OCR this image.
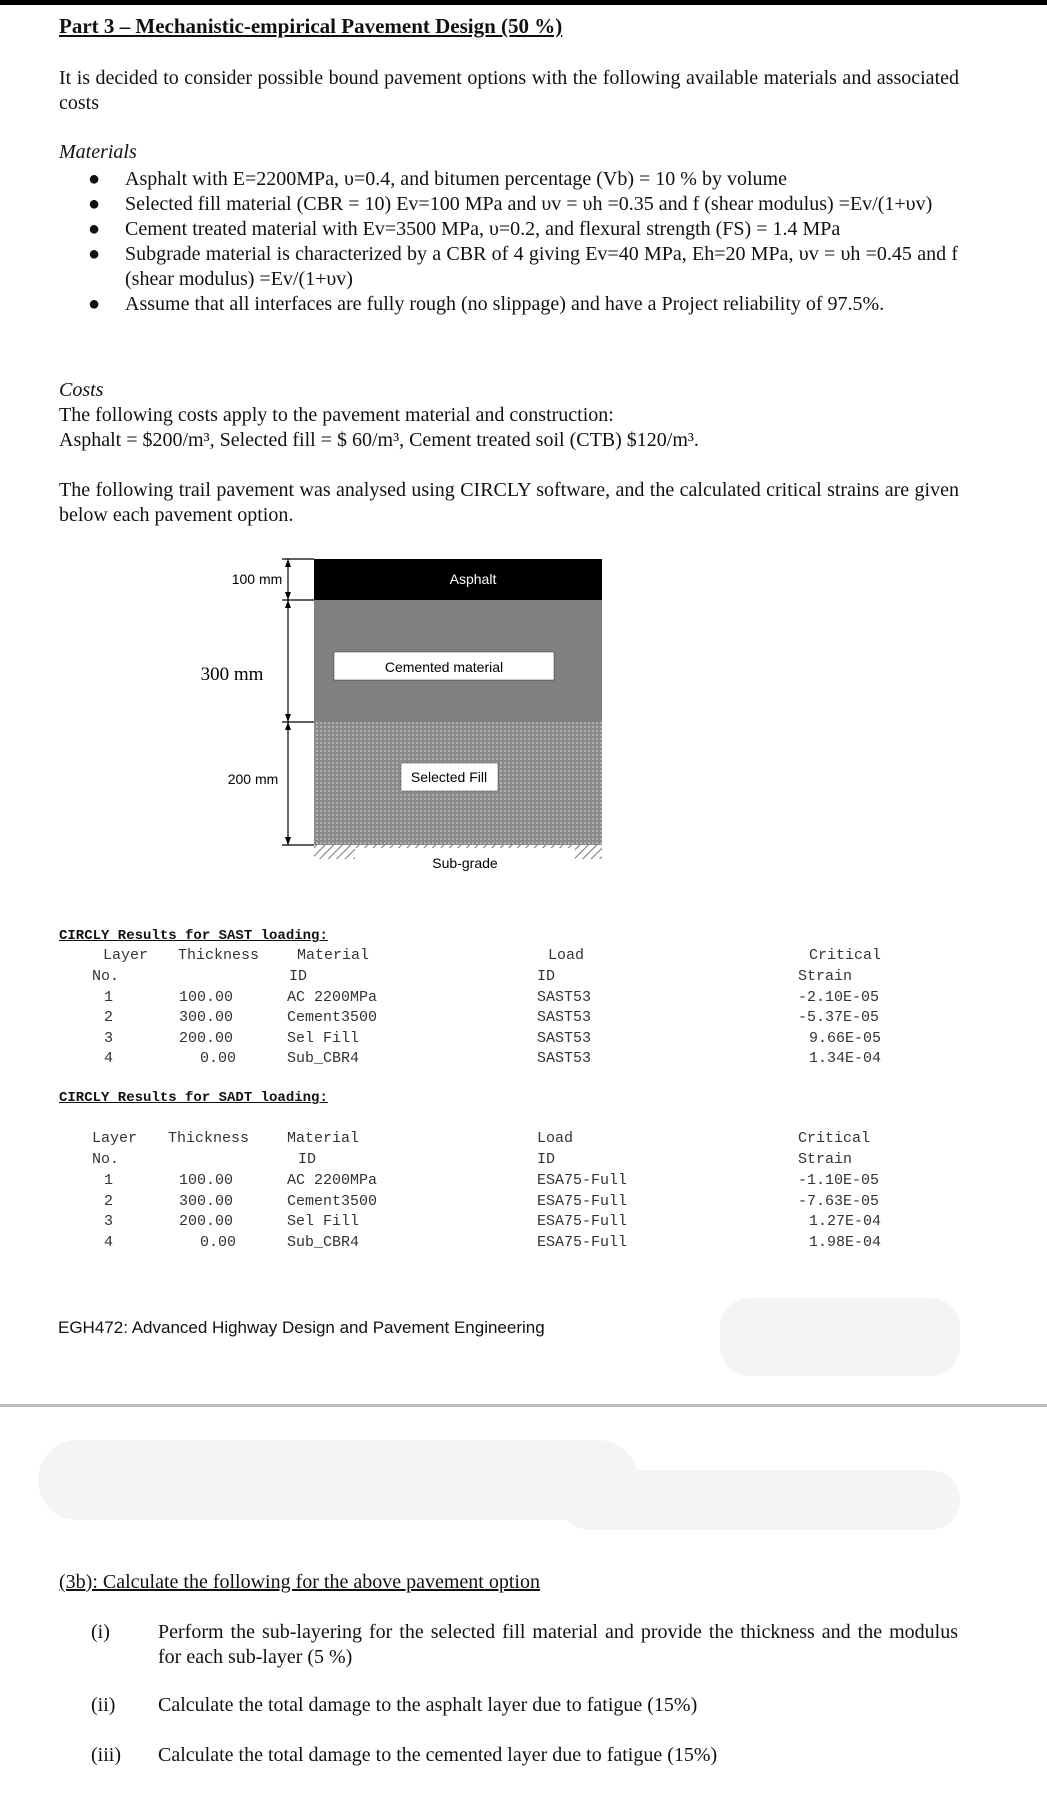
Part 3 – Mechanistic-empirical Pavement Design (50 %)
It is decided to consider possible bound pavement options with the following available materials and associated costs
Materials
● Asphalt with E=2200MPa, υ=0.4, and bitumen percentage (Vb) = 10 % by volume
● Selected fill material (CBR = 10) Ev=100 MPa and υv = υh =0.35 and f (shear modulus) =Ev/(1+υv)
● Cement treated material with Ev=3500 MPa, υ=0.2, and flexural strength (FS) = 1.4 MPa
● Subgrade material is characterized by a CBR of 4 giving Ev=40 MPa, Eh=20 MPa, υv = υh =0.45 and f (shear modulus) =Ev/(1+υv)
● Assume that all interfaces are fully rough (no slippage) and have a Project reliability of 97.5%.
Costs
The following costs apply to the pavement material and construction:
Asphalt = $200/m³, Selected fill = $ 60/m³, Cement treated soil (CTB) $120/m³.
The following trail pavement was analysed using CIRCLY software, and the calculated critical strains are given below each pavement option.
Asphalt
Cemented material
Selected Fill
Sub-grade
100 mm
300 mm
200 mm
CIRCLY Results for SAST loading:
Layer Thickness	Material	Load	Critical
No.	ID	ID	Strain
1	100.00	AC 2200MPa	SAST53	-2.10E-05
2	300.00	Cement3500	SAST53	-5.37E-05
3	200.00	Sel Fill	SAST53	9.66E-05
4	0.00	Sub_CBR4	SAST53	1.34E-04
CIRCLY Results for SADT loading:
Layer Thickness	Material	Load	Critical
No.	ID	ID	Strain
1	100.00	AC 2200MPa	ESA75-Full	-1.10E-05
2	300.00	Cement3500	ESA75-Full	-7.63E-05
3	200.00	Sel Fill	ESA75-Full	1.27E-04
4	0.00	Sub_CBR4	ESA75-Full	1.98E-04
EGH472: Advanced Highway Design and Pavement Engineering
(3b): Calculate the following for the above pavement option
(i) Perform the sub-layering for the selected fill material and provide the thickness and the modulus for each sub-layer (5 %)
(ii) Calculate the total damage to the asphalt layer due to fatigue (15%)
(iii) Calculate the total damage to the cemented layer due to fatigue (15%)
